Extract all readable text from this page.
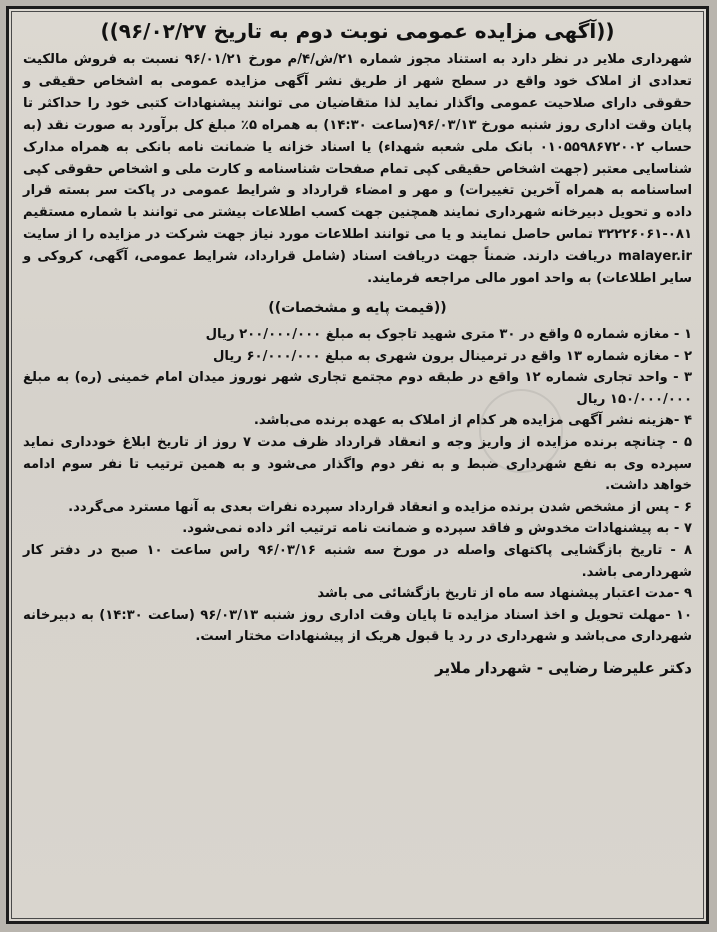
((آگهی مزایده عمومی نوبت دوم به تاریخ ۹۶/۰۲/۲۷))

شهرداری ملایر در نظر دارد به استناد مجوز شماره ۲۱/ش/۴/م مورخ ۹۶/۰۱/۲۱ نسبت به فروش مالکیت تعدادی از املاک خود واقع در سطح شهر از طریق نشر آگهی مزایده عمومی به اشخاص حقیقی و حقوقی دارای صلاحیت عمومی واگذار نماید لذا متقاضیان می توانند پیشنهادات کتبی خود را حداکثر تا پایان وقت اداری روز شنبه مورخ ۹۶/۰۳/۱۳(ساعت ۱۴:۳۰) به همراه ۵٪ مبلغ کل برآورد به صورت نقد (به حساب ۰۱۰۵۵۹۸۶۷۲۰۰۲ بانک ملی شعبه شهداء) یا اسناد خزانه یا ضمانت نامه بانکی به همراه مدارک شناسایی معتبر (جهت اشخاص حقیقی کپی تمام صفحات شناسنامه و کارت ملی و اشخاص حقوقی کپی اساسنامه به همراه آخرین تغییرات) و مهر و امضاء قرارداد و شرایط عمومی در پاکت سر بسته قرار داده و تحویل دبیرخانه شهرداری نمایند همچنین جهت کسب اطلاعات بیشتر می توانند با شماره مستقیم ۰۸۱-۳۲۲۲۶۰۶۱ تماس حاصل نمایند و یا می توانند اطلاعات مورد نیاز جهت شرکت در مزایده را از سایت malayer.ir دریافت دارند. ضمناً جهت دریافت اسناد (شامل قرارداد، شرایط عمومی، آگهی، کروکی و سایر اطلاعات) به واحد امور مالی مراجعه فرمایند.

((قیمت پایه و مشخصات))
۱ - مغازه شماره ۵ واقع در ۳۰ متری شهید تاجوک به مبلغ ۲۰۰/۰۰۰/۰۰۰ ریال
۲ - مغازه شماره ۱۳ واقع در ترمینال برون شهری به مبلغ ۶۰/۰۰۰/۰۰۰ ریال
۳ - واحد تجاری شماره ۱۲ واقع در طبقه دوم مجتمع تجاری شهر نوروز میدان امام خمینی (ره) به مبلغ ۱۵۰/۰۰۰/۰۰۰ ریال
۴ -هزینه نشر آگهی مزایده هر کدام از املاک به عهده برنده می‌باشد.
۵ - چنانچه برنده مزایده از واریز وجه و انعقاد قرارداد ظرف مدت ۷ روز از تاریخ ابلاغ خودداری نماید سپرده وی به نفع شهرداری ضبط و به نفر دوم واگذار می‌شود و به همین ترتیب تا نفر سوم ادامه خواهد داشت.
۶ - پس از مشخص شدن برنده مزایده و انعقاد قرارداد سپرده نفرات بعدی به آنها مسترد می‌گردد.
۷ - به پیشنهادات مخدوش و فاقد سپرده و ضمانت نامه ترتیب اثر داده نمی‌شود.
۸ - تاریخ بازگشایی پاکتهای واصله در مورخ سه شنبه ۹۶/۰۳/۱۶ راس ساعت ۱۰ صبح در دفتر کار شهردارمی باشد.
۹ -مدت اعتبار پیشنهاد سه ماه از تاریخ بازگشائی می باشد
۱۰ -مهلت تحویل و اخذ اسناد مزایده تا پایان وقت اداری روز شنبه ۹۶/۰۳/۱۳ (ساعت ۱۴:۳۰) به دبیرخانه شهرداری می‌باشد و شهرداری در رد یا قبول هریک از پیشنهادات مختار است.
دکتر علیرضا رضایی - شهردار ملایر
